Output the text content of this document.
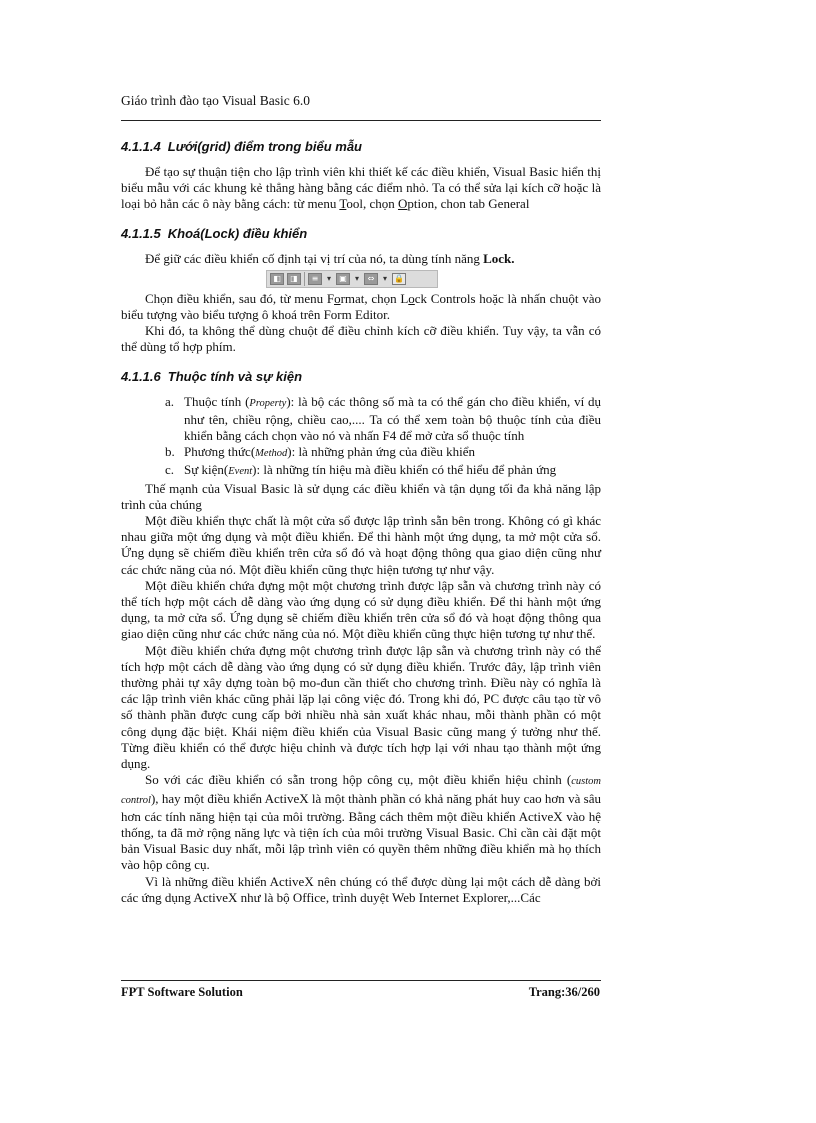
Giáo trình đào tạo Visual Basic 6.0
4.1.1.4 Lưới(grid) điểm trong biểu mẫu

Để tạo sự thuận tiện cho lập trình viên khi thiết kế các điều khiển, Visual Basic hiển thị biểu mẫu với các khung kẻ thẳng hàng bằng các điểm nhỏ. Ta có thể sửa lại kích cỡ hoặc là loại bỏ hẳn các ô này bằng cách: từ menu Tool, chọn Option, chon tab General

4.1.1.5 Khoá(Lock) điều khiển

Để giữ các điều khiển cố định tại vị trí của nó, ta dùng tính năng Lock.

◧	◨	≡	▾	▣	▾	⇔	▾ 🔒

Chọn điều khiển, sau đó, từ menu Format, chọn Lock Controls hoặc là nhấn chuột vào biểu tượng vào biểu tượng ô khoá trên Form Editor.

Khi đó, ta không thể dùng chuột để điều chỉnh kích cỡ điều khiển. Tuy vậy, ta vẫn có thể dùng tổ hợp phím.

4.1.1.6 Thuộc tính và sự kiện
a. Thuộc tính (Property): là bộ các thông số mà ta có thể gán cho điều khiển, ví dụ như tên, chiều rộng, chiều cao,.... Ta có thể xem toàn bộ thuộc tính của điều khiển bằng cách chọn vào nó và nhấn F4 để mở cửa sổ thuộc tính
b. Phương thức(Method): là những phản ứng của điều khiển
c. Sự kiện(Event): là những tín hiệu mà điều khiển có thể hiểu để phản ứng

Thế mạnh của Visual Basic là sử dụng các điều khiển và tận dụng tối đa khả năng lập trình của chúng

Một điều khiển thực chất là một cửa sổ được lập trình sẵn bên trong. Không có gì khác nhau giữa một ứng dụng và một điều khiển. Để thi hành một ứng dụng, ta mở một cửa sổ. Ứng dụng sẽ chiếm điều khiển trên cửa sổ đó và hoạt động thông qua giao diện cũng như các chức năng của nó. Một điều khiển cũng thực hiện tương tự như vậy.

Một điều khiển chứa đựng một một chương trình được lập sẵn và chương trình này có thể tích hợp một cách dễ dàng vào ứng dụng có sử dụng điều khiển. Để thi hành một ứng dụng, ta mở cửa sổ. Ứng dụng sẽ chiếm điều khiển trên cửa sổ đó và hoạt động thông qua giao diện cũng như các chức năng của nó. Một điều khiển cũng thực hiện tương tự như thế.

Một điều khiển chứa đựng một chương trình được lập sẵn và chương trình này có thể tích hợp một cách dễ dàng vào ứng dụng có sử dụng điều khiển. Trước đây, lập trình viên thường phải tự xây dựng toàn bộ mo-đun cần thiết cho chương trình. Điều này có nghĩa là các lập trình viên khác cũng phải lặp lại công việc đó. Trong khi đó, PC được câu tạo từ vô số thành phần được cung cấp bởi nhiều nhà sản xuất khác nhau, mỗi thành phần có một công dụng đặc biệt. Khái niệm điều khiển của Visual Basic cũng mang ý tưởng như thế. Từng điều khiển có thể được hiệu chỉnh và được tích hợp lại với nhau tạo thành một ứng dụng.

So với các điều khiển có sẵn trong hộp công cụ, một điều khiển hiệu chỉnh (custom control), hay một điều khiển ActiveX là một thành phần có khả năng phát huy cao hơn và sâu hơn các tính năng hiện tại của môi trường. Bằng cách thêm một điều khiển ActiveX vào hệ thống, ta đã mở rộng năng lực và tiện ích của môi trường Visual Basic. Chỉ cần cài đặt một bản Visual Basic duy nhất, mỗi lập trình viên có quyền thêm những điều khiển mà họ thích vào hộp công cụ.

Vì là những điều khiển ActiveX nên chúng có thể được dùng lại một cách dễ dàng bởi các ứng dụng ActiveX như là bộ Office, trình duyệt Web Internet Explorer,...Các

FPT Software Solution	Trang:36/260
